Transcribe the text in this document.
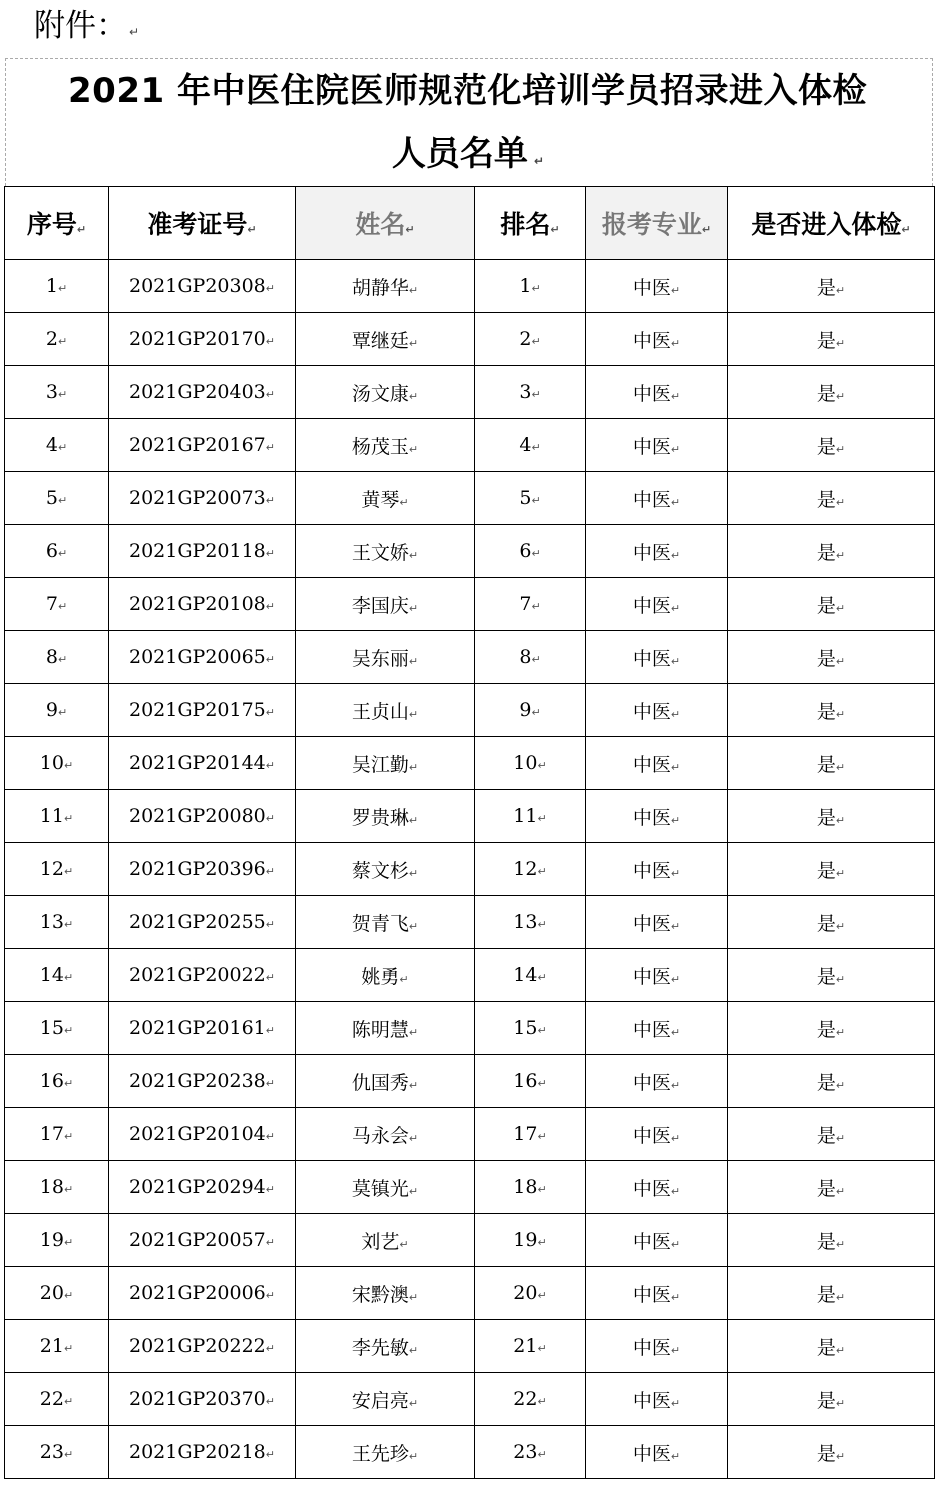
附件： ↵
2021 年中医住院医师规范化培训学员招录进入体检
人员名单 ↵
序号↵	准考证号↵	姓名↵	排名↵	报考专业↵	是否进入体检↵
1↵	2021GP20308↵	胡静华↵	1↵	中医↵	是↵
2↵	2021GP20170↵	覃继廷↵	2↵	中医↵	是↵
3↵	2021GP20403↵	汤文康↵	3↵	中医↵	是↵
4↵	2021GP20167↵	杨茂玉↵	4↵	中医↵	是↵
5↵	2021GP20073↵	黄琴↵	5↵	中医↵	是↵
6↵	2021GP20118↵	王文娇↵	6↵	中医↵	是↵
7↵	2021GP20108↵	李国庆↵	7↵	中医↵	是↵
8↵	2021GP20065↵	吴东丽↵	8↵	中医↵	是↵
9↵	2021GP20175↵	王贞山↵	9↵	中医↵	是↵
10↵	2021GP20144↵	吴江勤↵	10↵	中医↵	是↵
11↵	2021GP20080↵	罗贵琳↵	11↵	中医↵	是↵
12↵	2021GP20396↵	蔡文杉↵	12↵	中医↵	是↵
13↵	2021GP20255↵	贺青飞↵	13↵	中医↵	是↵
14↵	2021GP20022↵	姚勇↵	14↵	中医↵	是↵
15↵	2021GP20161↵	陈明慧↵	15↵	中医↵	是↵
16↵	2021GP20238↵	仇国秀↵	16↵	中医↵	是↵
17↵	2021GP20104↵	马永会↵	17↵	中医↵	是↵
18↵	2021GP20294↵	莫镇光↵	18↵	中医↵	是↵
19↵	2021GP20057↵	刘艺↵	19↵	中医↵	是↵
20↵	2021GP20006↵	宋黔澳↵	20↵	中医↵	是↵
21↵	2021GP20222↵	李先敏↵	21↵	中医↵	是↵
22↵	2021GP20370↵	安启亮↵	22↵	中医↵	是↵
23↵	2021GP20218↵	王先珍↵	23↵	中医↵	是↵
